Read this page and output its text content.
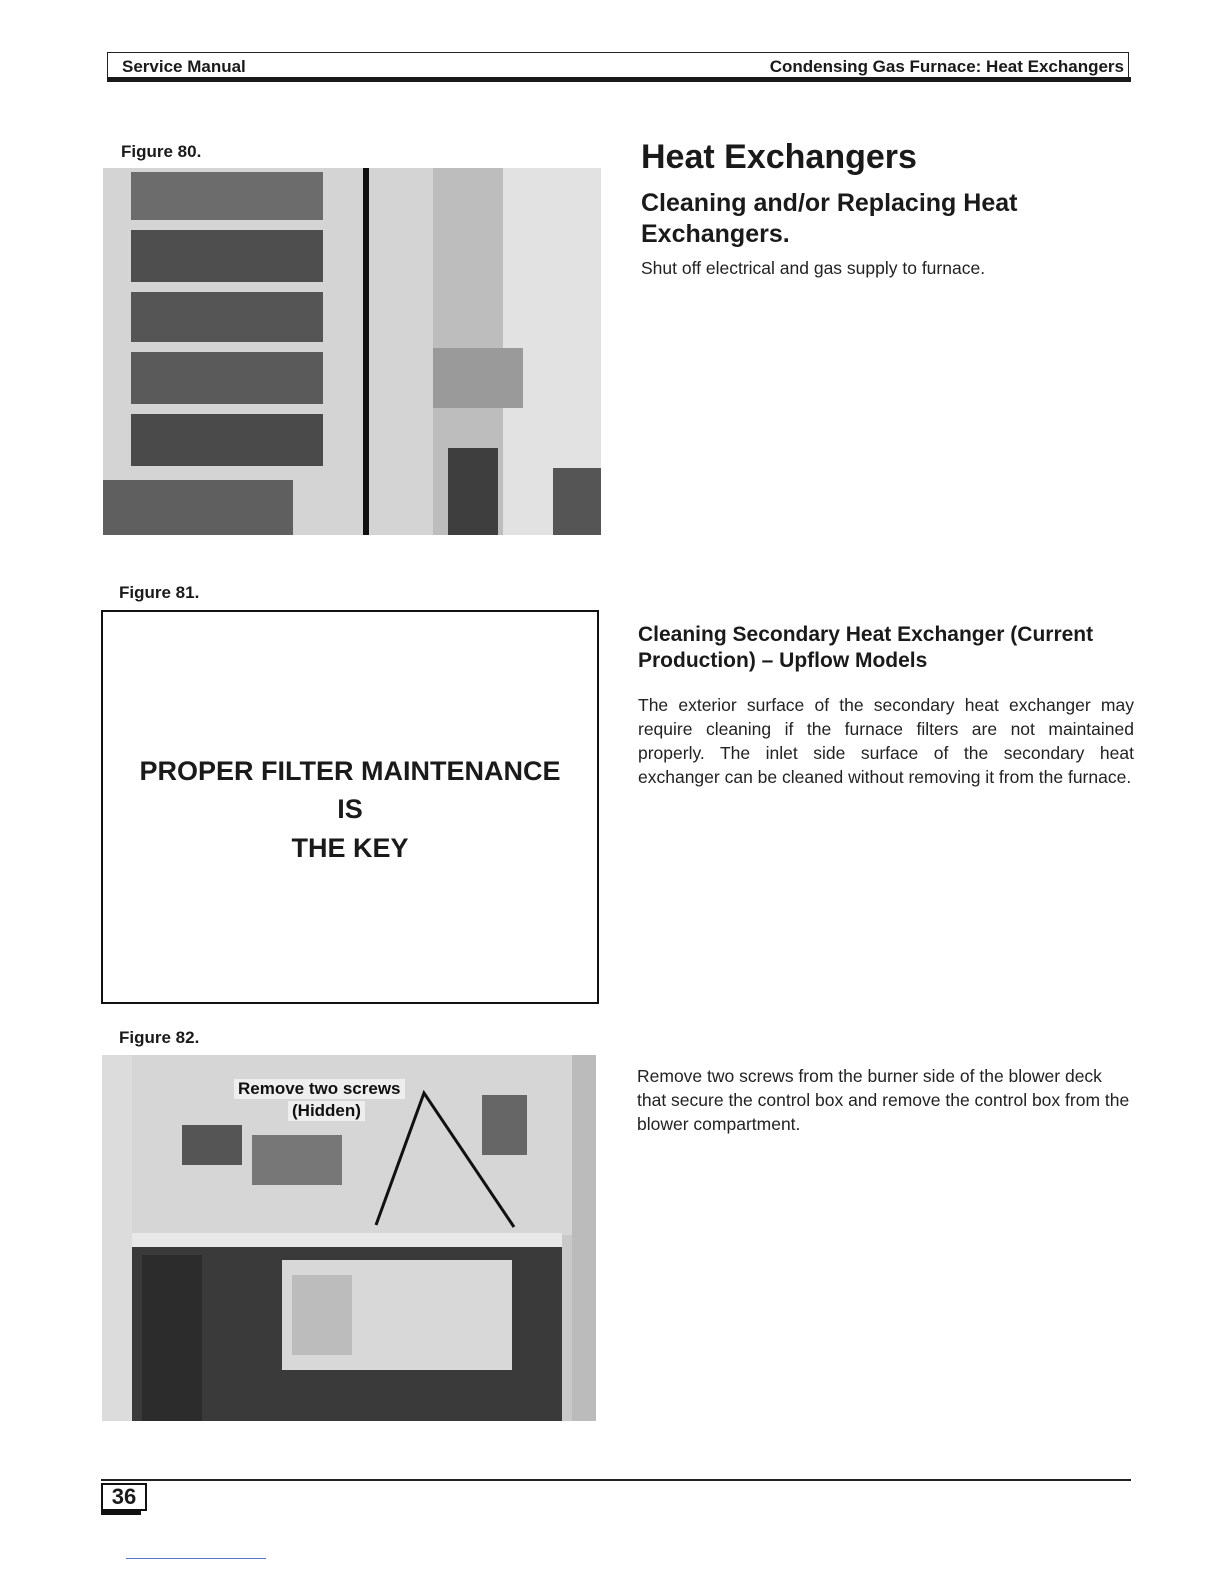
Service Manual	Condensing Gas Furnace: Heat Exchangers
Figure 80.	Heat Exchangers
Cleaning and/or Replacing Heat Exchangers.
Shut off electrical and gas supply to furnace.
Figure 81.
PROPER FILTER MAINTENANCE
IS
THE KEY
Cleaning Secondary Heat Exchanger (Current Production) – Upflow Models
The exterior surface of the secondary heat exchanger may require cleaning if the furnace filters are not maintained properly. The inlet side surface of the secondary heat exchanger can be cleaned without removing it from the furnace.
Figure 82.
Remove two screws
(Hidden)
Remove two screws from the burner side of the blower deck that secure the control box and remove the control box from the blower compartment.
36
